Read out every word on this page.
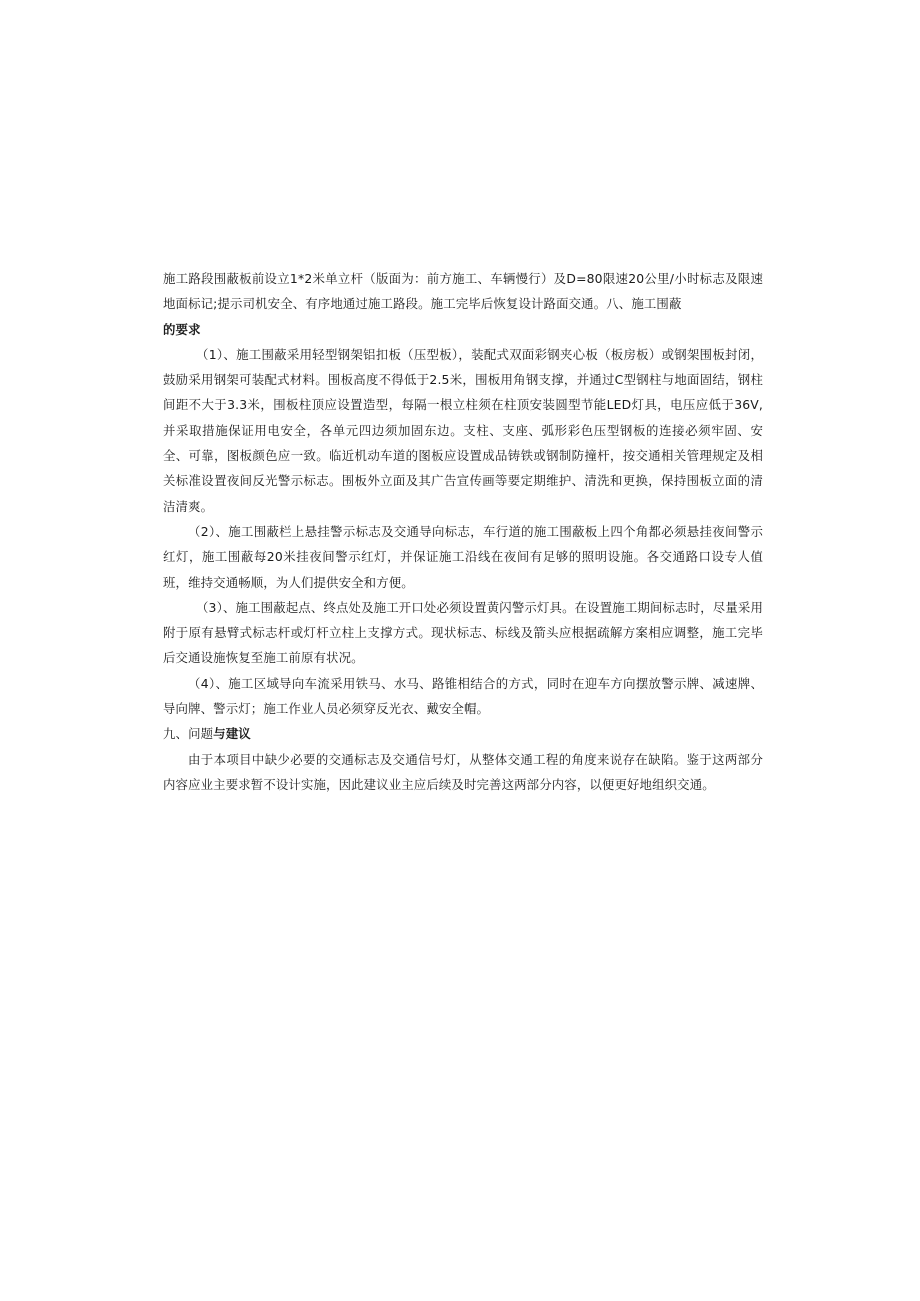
施工路段围蔽板前设立1*2米单立杆（版面为：前方施工、车辆慢行）及D=80限速20公里/小时标志及限速地面标记;提示司机安全、有序地通过施工路段。施工完毕后恢复设计路面交通。八、施工围蔽

的要求

（1）、施工围蔽采用轻型钢架铝扣板（压型板），装配式双面彩钢夹心板（板房板）或钢架围板封闭，鼓励采用钢架可装配式材料。围板高度不得低于2.5米，围板用角钢支撑，并通过C型钢柱与地面固结，钢柱间距不大于3.3米，围板柱顶应设置造型，每隔一根立柱须在柱顶安装圆型节能LED灯具，电压应低于36V,并采取措施保证用电安全，各单元四边须加固东边。支柱、支座、弧形彩色压型钢板的连接必须牢固、安全、可靠，图板颜色应一致。临近机动车道的图板应设置成品铸铁或钢制防撞杆，按交通相关管理规定及相关标准设置夜间反光警示标志。围板外立面及其广告宣传画等要定期维护、清洗和更换，保持围板立面的清洁清爽。

（2）、施工围蔽栏上悬挂警示标志及交通导向标志，车行道的施工围蔽板上四个角都必须悬挂夜间警示红灯，施工围蔽每20米挂夜间警示红灯，并保证施工沿线在夜间有足够的照明设施。各交通路口设专人值班，维持交通畅顺，为人们提供安全和方便。

（3）、施工围蔽起点、终点处及施工开口处必须设置黄闪警示灯具。在设置施工期间标志时，尽量采用附于原有悬臂式标志杆或灯杆立柱上支撑方式。现状标志、标线及箭头应根据疏解方案相应调整，施工完毕后交通设施恢复至施工前原有状况。

（4）、施工区域导向车流采用铁马、水马、路锥相结合的方式，同时在迎车方向摆放警示牌、减速牌、导向牌、警示灯；施工作业人员必须穿反光衣、戴安全帽。

九、问题与建议

由于本项目中缺少必要的交通标志及交通信号灯，从整体交通工程的角度来说存在缺陷。鉴于这两部分内容应业主要求暂不设计实施，因此建议业主应后续及时完善这两部分内容，以便更好地组织交通。
